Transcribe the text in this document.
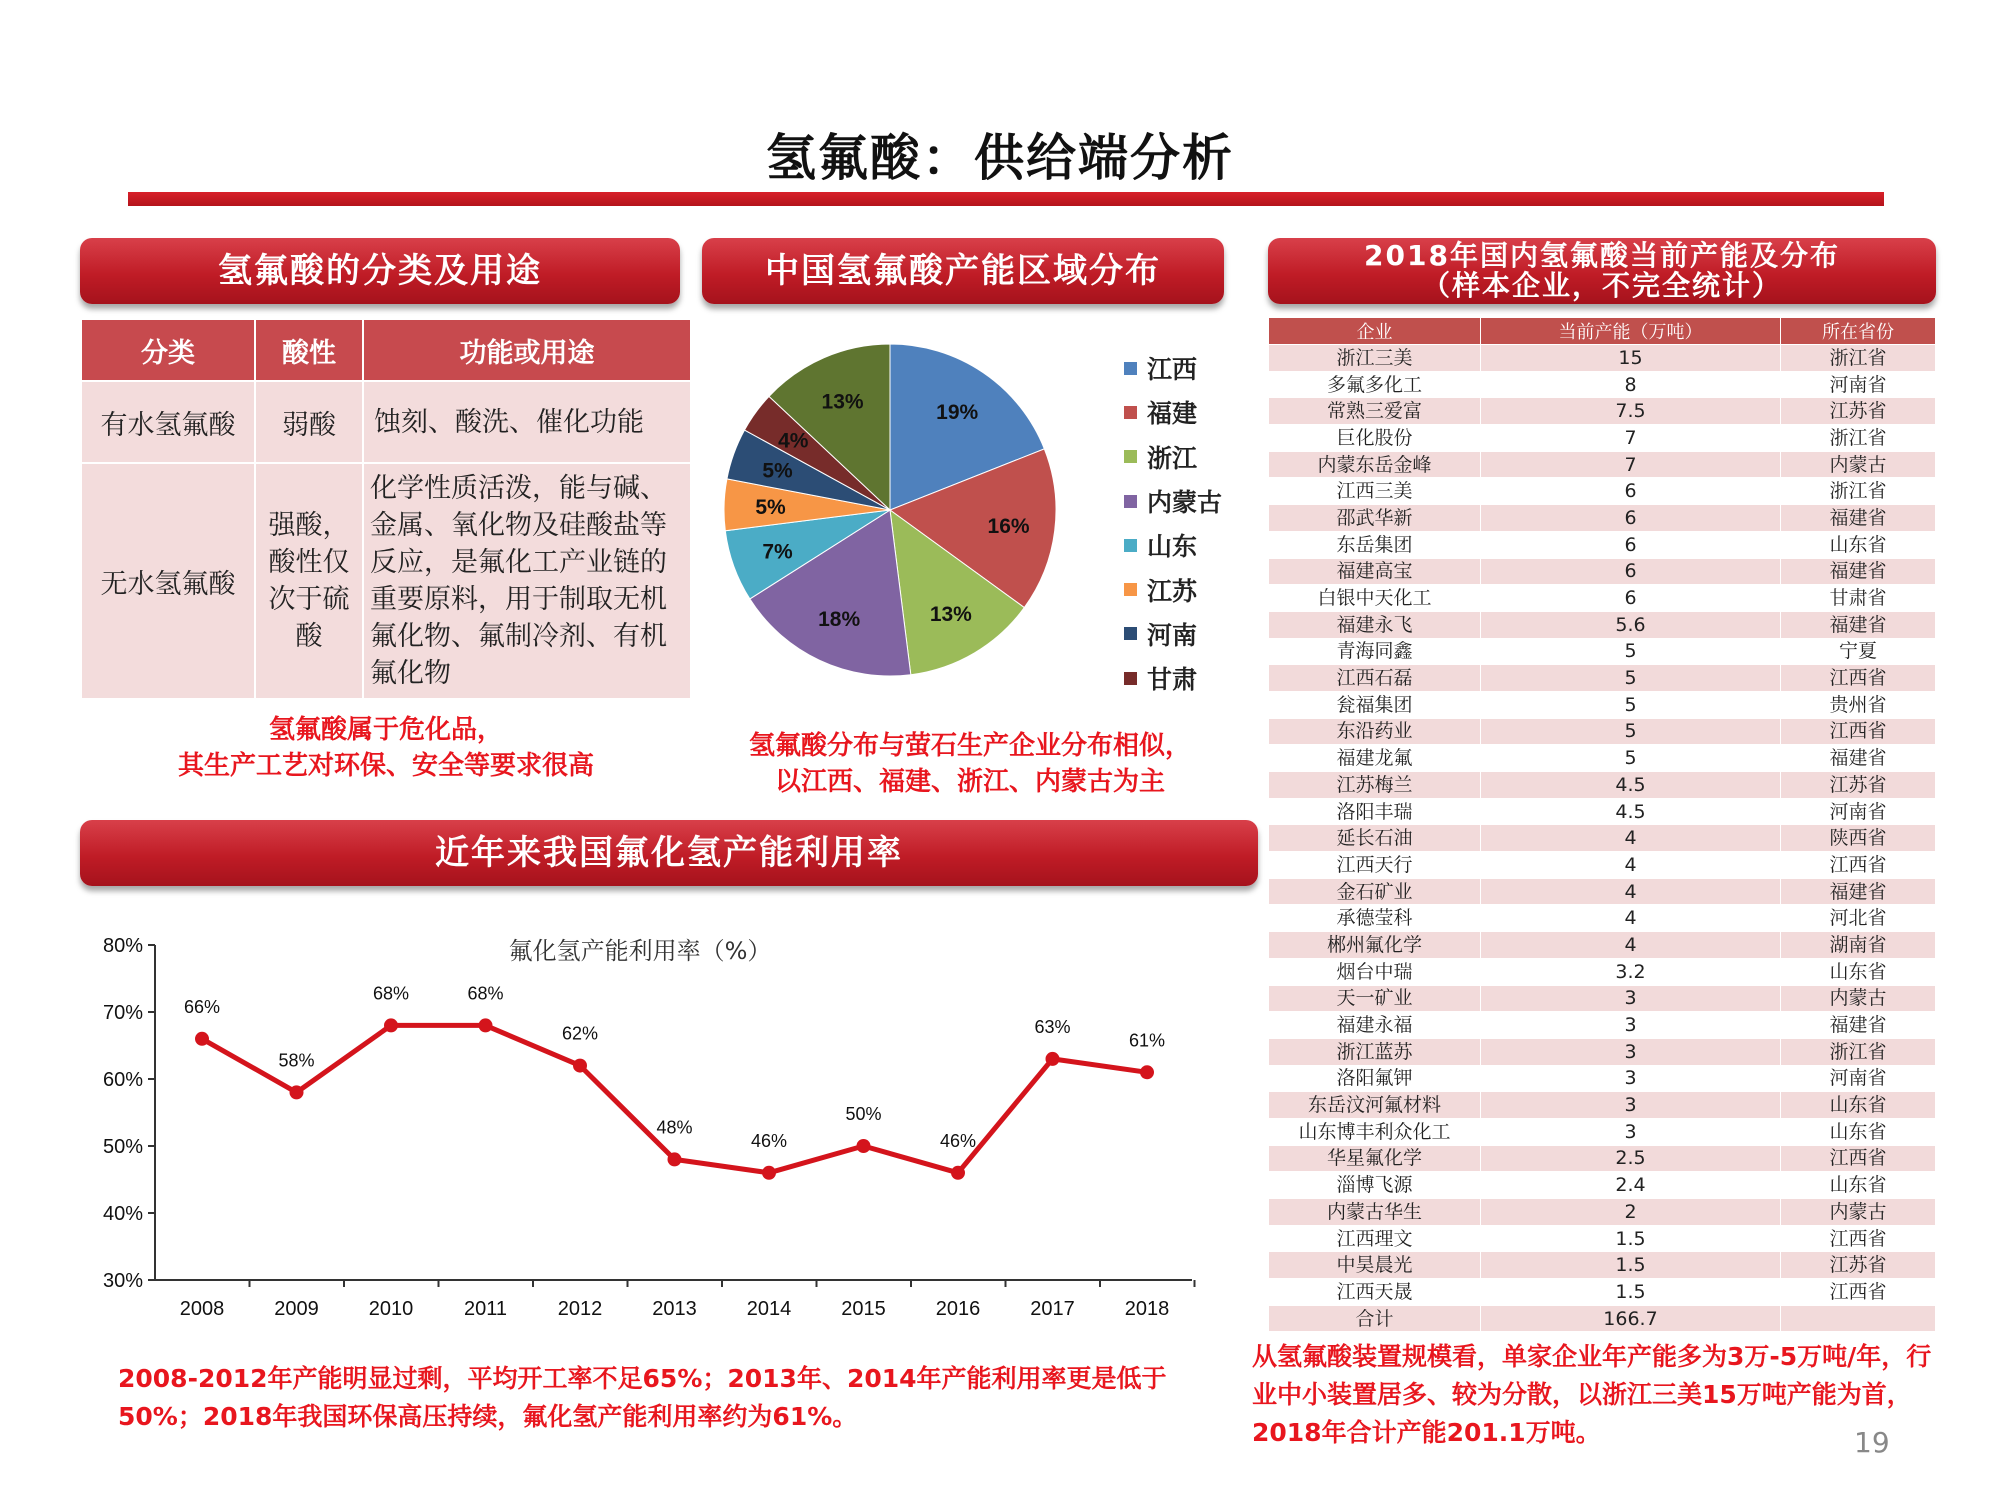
氢氟酸：供给端分析
氢氟酸的分类及用途
分类	酸性	功能或用途
有水氢氟酸	弱酸	蚀刻、酸洗、催化功能
无水氢氟酸	强酸，酸性仅次于硫酸	化学性质活泼，能与碱、金属、氧化物及硅酸盐等反应，是氟化工产业链的重要原料，用于制取无机氟化物、氟制冷剂、有机氟化物
氢氟酸属于危化品，
其生产工艺对环保、安全等要求很高
中国氢氟酸产能区域分布
19%
16%
13%
18%
7%
5%
5%
4%
13%
江西
福建
浙江
内蒙古
山东
江苏
河南
甘肃
氢氟酸分布与萤石生产企业分布相似，
以江西、福建、浙江、内蒙古为主
近年来我国氟化氢产能利用率
80%
70%
60%
50%
40%
30%
2008	2009	2010	2011	2012	2013	2014	2015	2016	2017	2018
66%
58%
68%	68%
62%
48%
46%
50%
46%
63%
61%
氟化氢产能利用率（%）
2008-2012年产能明显过剩，平均开工率不足65%；2013年、2014年产能利用率更是低于50%；2018年我国环保高压持续，氟化氢产能利用率约为61%。
2018年国内氢氟酸当前产能及分布
（样本企业，不完全统计）
企业	当前产能（万吨）	所在省份
浙江三美	15	浙江省
多氟多化工	8	河南省
常熟三爱富	7.5	江苏省
巨化股份	7	浙江省
内蒙东岳金峰	7	内蒙古
江西三美	6	浙江省
邵武华新	6	福建省
东岳集团	6	山东省
福建高宝	6	福建省
白银中天化工	6	甘肃省
福建永飞	5.6	福建省
青海同鑫	5	宁夏
江西石磊	5	江西省
瓮福集团	5	贵州省
东沿药业	5	江西省
福建龙氟	5	福建省
江苏梅兰	4.5	江苏省
洛阳丰瑞	4.5	河南省
延长石油	4	陕西省
江西天行	4	江西省
金石矿业	4	福建省
承德莹科	4	河北省
郴州氟化学	4	湖南省
烟台中瑞	3.2	山东省
天一矿业	3	内蒙古
福建永福	3	福建省
浙江蓝苏	3	浙江省
洛阳氟钾	3	河南省
东岳汶河氟材料	3	山东省
山东博丰利众化工	3	山东省
华星氟化学	2.5	江西省
淄博飞源	2.4	山东省
内蒙古华生	2	内蒙古
江西理文	1.5	江西省
中昊晨光	1.5	江苏省
江西天晟	1.5	江西省
合计	166.7	
从氢氟酸装置规模看，单家企业年产能多为3万-5万吨/年，行业中小装置居多、较为分散，以浙江三美15万吨产能为首，2018年合计产能201.1万吨。	19
